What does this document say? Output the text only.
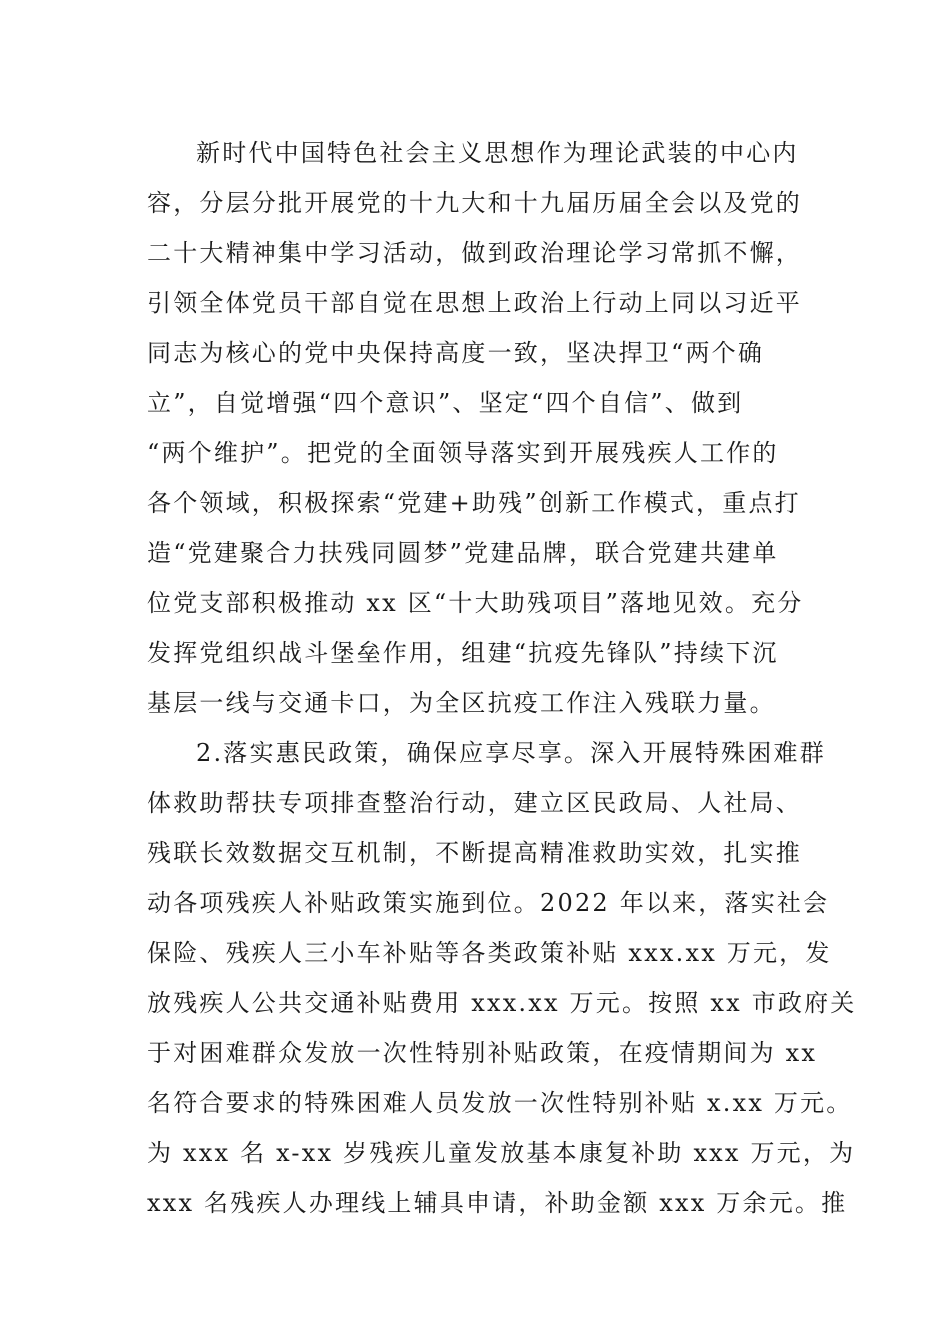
新时代中国特色社会主义思想作为理论武装的中心内
容，分层分批开展党的十九大和十九届历届全会以及党的
二十大精神集中学习活动，做到政治理论学习常抓不懈，
引领全体党员干部自觉在思想上政治上行动上同以习近平
同志为核心的党中央保持高度一致，坚决捍卫“两个确
立”，自觉增强“四个意识”、坚定“四个自信”、做到
“两个维护”。把党的全面领导落实到开展残疾人工作的
各个领域，积极探索“党建+助残”创新工作模式，重点打
造“党建聚合力扶残同圆梦”党建品牌，联合党建共建单
位党支部积极推动 xx 区“十大助残项目”落地见效。充分
发挥党组织战斗堡垒作用，组建“抗疫先锋队”持续下沉
基层一线与交通卡口，为全区抗疫工作注入残联力量。
2.落实惠民政策，确保应享尽享。深入开展特殊困难群
体救助帮扶专项排查整治行动，建立区民政局、人社局、
残联长效数据交互机制，不断提高精准救助实效，扎实推
动各项残疾人补贴政策实施到位。2022 年以来，落实社会
保险、残疾人三小车补贴等各类政策补贴 xxx.xx 万元，发
放残疾人公共交通补贴费用 xxx.xx 万元。按照 xx 市政府关
于对困难群众发放一次性特别补贴政策，在疫情期间为 xx
名符合要求的特殊困难人员发放一次性特别补贴 x.xx 万元。
为 xxx 名 x-xx 岁残疾儿童发放基本康复补助 xxx 万元，为
xxx 名残疾人办理线上辅具申请，补助金额 xxx 万余元。推
